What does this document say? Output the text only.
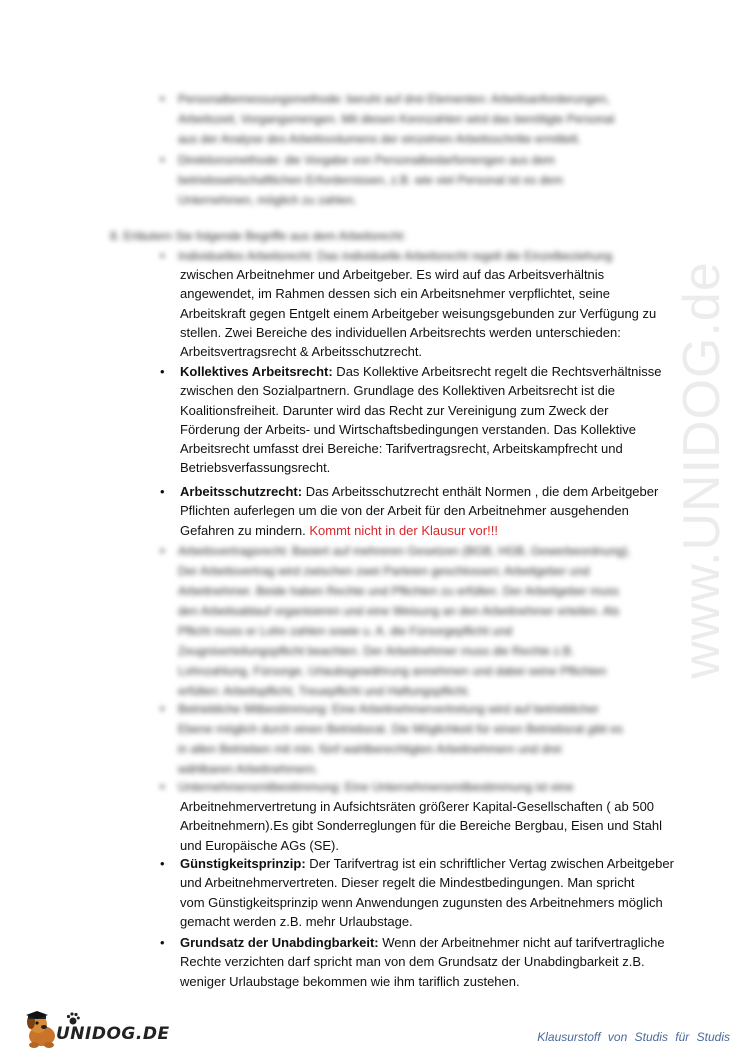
www.UNIDOG.de
• Personalbemessungsmethode: beruht auf drei Elementen: Arbeitsanforderungen,
Arbeitszeit, Vorgangsmengen. Mit diesen Kennzahlen wird das benötigte Personal
aus der Analyse des Arbeitsvolumens der einzelnen Arbeitsschritte ermittelt.
• Direktionsmethode: die Vorgabe von Personalbedarfsmengen aus dem
betriebswirtschaftlichen Erfordernissen, z.B. wie viel Personal ist es dem
Unternehmen, möglich zu zahlen.
8. Erläutern Sie folgende Begriffe aus dem Arbeitsrecht:
• Individuelles Arbeitsrecht: Das individuelle Arbeitsrecht regelt die Einzelbeziehung
zwischen Arbeitnehmer und Arbeitgeber. Es wird auf das Arbeitsverhältnis
angewendet, im Rahmen dessen sich ein Arbeitsnehmer verpflichtet, seine
Arbeitskraft gegen Entgelt einem Arbeitgeber weisungsgebunden zur Verfügung zu
stellen. Zwei Bereiche des individuellen Arbeitsrechts werden unterschieden:
Arbeitsvertragsrecht & Arbeitsschutzrecht.
• Kollektives Arbeitsrecht: Das Kollektive Arbeitsrecht regelt die Rechtsverhältnisse
zwischen den Sozialpartnern. Grundlage des Kollektiven Arbeitsrecht ist die
Koalitionsfreiheit. Darunter wird das Recht zur Vereinigung zum Zweck der
Förderung der Arbeits- und Wirtschaftsbedingungen verstanden. Das Kollektive
Arbeitsrecht umfasst drei Bereiche: Tarifvertragsrecht, Arbeitskampfrecht und
Betriebsverfassungsrecht.
• Arbeitsschutzrecht: Das Arbeitsschutzrecht enthält Normen , die dem Arbeitgeber
Pflichten auferlegen um die von der Arbeit für den Arbeitnehmer ausgehenden
Gefahren zu mindern. Kommt nicht in der Klausur vor!!!
• Arbeitsvertragsrecht: Basiert auf mehreren Gesetzen (BGB, HGB, Gewerbeordnung).
Der Arbeitsvertrag wird zwischen zwei Parteien geschlossen; Arbeitgeber und
Arbeitnehmer. Beide haben Rechte und Pflichten zu erfüllen. Der Arbeitgeber muss
den Arbeitsablauf organisieren und eine Weisung an den Arbeitnehmer erteilen. Als
Pflicht muss er Lohn zahlen sowie u. A. die Fürsorgepflicht und
Zeugniserteilungspflicht beachten. Der Arbeitnehmer muss die Rechte z.B.
Lohnzahlung, Fürsorge, Urlaubsgewährung annehmen und dabei seine Pflichten
erfüllen: Arbeitspflicht, Treuepflicht und Haftungspflicht.
• Betriebliche Mitbestimmung: Eine Arbeitnehmervertretung wird auf betrieblicher
Ebene möglich durch einen Betriebsrat. Die Möglichkeit für einen Betriebsrat gibt es
in allen Betrieben mit min. fünf wahlberechtigten Arbeitnehmern und drei
wählbaren Arbeitnehmern.
• Unternehmensmitbestimmung: Eine Unternehmensmitbestimmung ist eine
Arbeitnehmervertretung in Aufsichtsräten größerer Kapital-Gesellschaften ( ab 500
Arbeitnehmern).Es gibt Sonderreglungen für die Bereiche Bergbau, Eisen und Stahl
und Europäische AGs (SE).
• Günstigkeitsprinzip: Der Tarifvertrag ist ein schriftlicher Vertag zwischen Arbeitgeber
und Arbeitnehmervertreten. Dieser regelt die Mindestbedingungen. Man spricht
vom Günstigkeitsprinzip wenn Anwendungen zugunsten des Arbeitnehmers möglich
gemacht werden z.B. mehr Urlaubstage.
• Grundsatz der Unabdingbarkeit: Wenn der Arbeitnehmer nicht auf tarifvertragliche
Rechte verzichten darf spricht man von dem Grundsatz der Unabdingbarkeit z.B.
weniger Urlaubstage bekommen wie ihm tariflich zustehen.
UNIDOG.DE	Klausurstoff von Studis für Studis
